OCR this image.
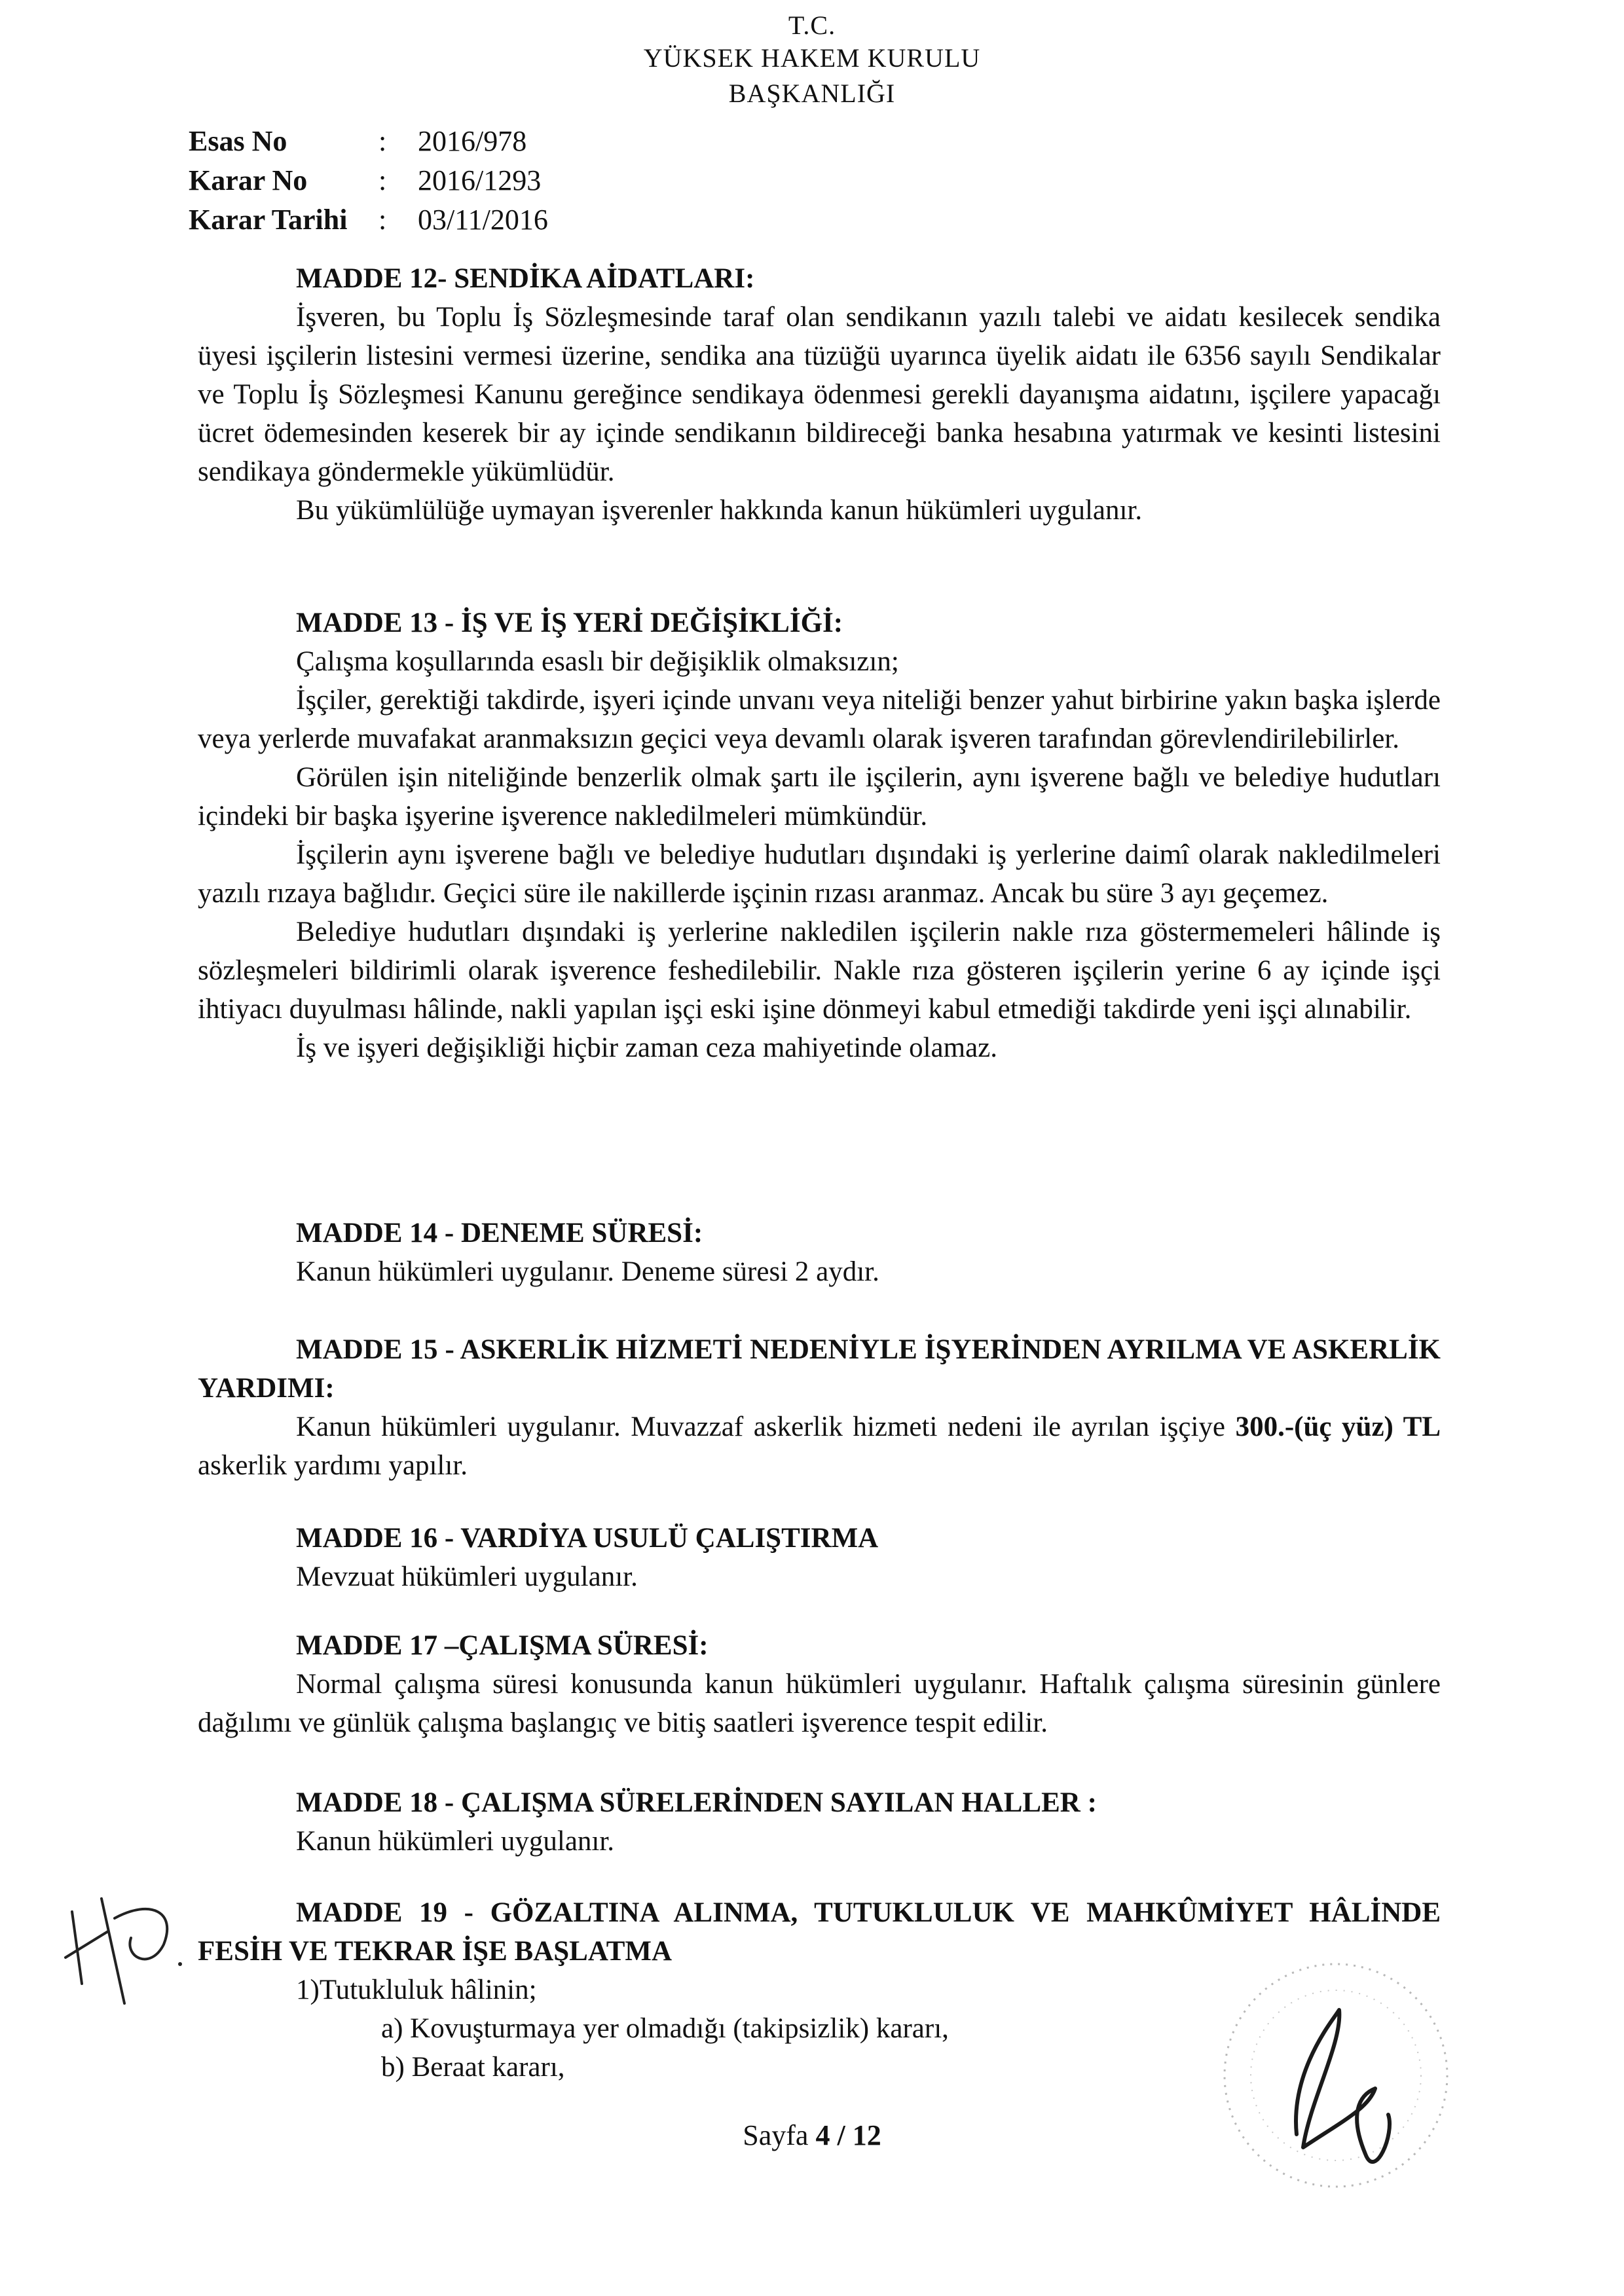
T.C.
YÜKSEK HAKEM KURULU
BAŞKANLIĞI
Esas No	:	2016/978
Karar No	:	2016/1293
Karar Tarihi	:	03/11/2016

MADDE 12- SENDİKA AİDATLARI:

İşveren, bu Toplu İş Sözleşmesinde taraf olan sendikanın yazılı talebi ve aidatı kesilecek sendika üyesi işçilerin listesini vermesi üzerine, sendika ana tüzüğü uyarınca üyelik aidatı ile 6356 sayılı Sendikalar ve Toplu İş Sözleşmesi Kanunu gereğince sendikaya ödenmesi gerekli dayanışma aidatını, işçilere yapacağı ücret ödemesinden keserek bir ay içinde sendikanın bildireceği banka hesabına yatırmak ve kesinti listesini sendikaya göndermekle yükümlüdür.

Bu yükümlülüğe uymayan işverenler hakkında kanun hükümleri uygulanır.

MADDE 13 - İŞ VE İŞ YERİ DEĞİŞİKLİĞİ:

Çalışma koşullarında esaslı bir değişiklik olmaksızın;

İşçiler, gerektiği takdirde, işyeri içinde unvanı veya niteliği benzer yahut birbirine yakın başka işlerde veya yerlerde muvafakat aranmaksızın geçici veya devamlı olarak işveren tarafından görevlendirilebilirler.

Görülen işin niteliğinde benzerlik olmak şartı ile işçilerin, aynı işverene bağlı ve belediye hudutları içindeki bir başka işyerine işverence nakledilmeleri mümkündür.

İşçilerin aynı işverene bağlı ve belediye hudutları dışındaki iş yerlerine daimî olarak nakledilmeleri yazılı rızaya bağlıdır. Geçici süre ile nakillerde işçinin rızası aranmaz. Ancak bu süre 3 ayı geçemez.

Belediye hudutları dışındaki iş yerlerine nakledilen işçilerin nakle rıza göstermemeleri hâlinde iş sözleşmeleri bildirimli olarak işverence feshedilebilir. Nakle rıza gösteren işçilerin yerine 6 ay içinde işçi ihtiyacı duyulması hâlinde, nakli yapılan işçi eski işine dönmeyi kabul etmediği takdirde yeni işçi alınabilir.

İş ve işyeri değişikliği hiçbir zaman ceza mahiyetinde olamaz.

MADDE 14 - DENEME SÜRESİ:

Kanun hükümleri uygulanır. Deneme süresi 2 aydır.

MADDE 15 - ASKERLİK HİZMETİ NEDENİYLE İŞYERİNDEN AYRILMA VE ASKERLİK YARDIMI:

Kanun hükümleri uygulanır. Muvazzaf askerlik hizmeti nedeni ile ayrılan işçiye 300.-(üç yüz) TL askerlik yardımı yapılır.

MADDE 16 - VARDİYA USULÜ ÇALIŞTIRMA

Mevzuat hükümleri uygulanır.

MADDE 17 –ÇALIŞMA SÜRESİ:

Normal çalışma süresi konusunda kanun hükümleri uygulanır. Haftalık çalışma süresinin günlere dağılımı ve günlük çalışma başlangıç ve bitiş saatleri işverence tespit edilir.

MADDE 18 - ÇALIŞMA SÜRELERİNDEN SAYILAN HALLER :

Kanun hükümleri uygulanır.

MADDE 19 - GÖZALTINA ALINMA, TUTUKLULUK VE MAHKÛMİYET HÂLİNDE FESİH VE TEKRAR İŞE BAŞLATMA

1)Tutukluluk hâlinin;

a) Kovuşturmaya yer olmadığı (takipsizlik) kararı,

b) Beraat kararı,

Sayfa 4 / 12
